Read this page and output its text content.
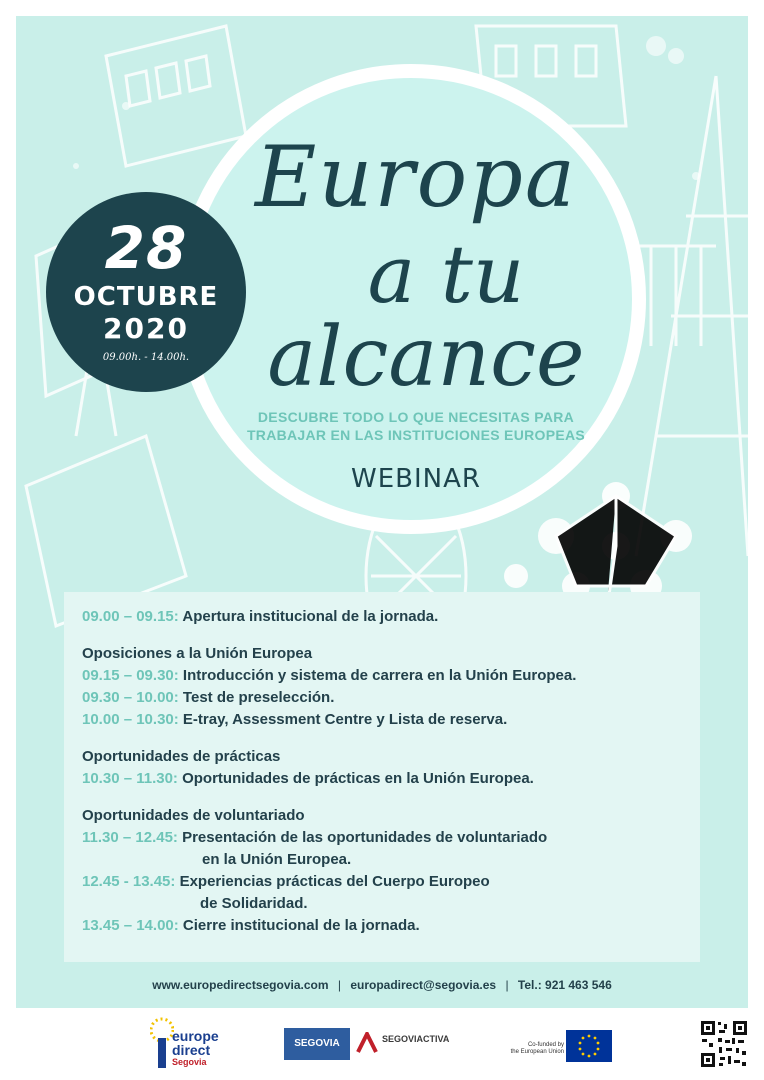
Europa
a tu
alcance
28
OCTUBRE
2020
09.00h. - 14.00h.
DESCUBRE TODO LO QUE NECESITAS PARA
TRABAJAR EN LAS INSTITUCIONES EUROPEAS
WEBINAR
09.00 – 09.15: Apertura institucional de la jornada.
Oposiciones a la Unión Europea
09.15 – 09.30: Introducción y sistema de carrera en la Unión Europea.
09.30 – 10.00: Test de preselección.
10.00 – 10.30: E-tray, Assessment Centre y Lista de reserva.
Oportunidades de prácticas
10.30 – 11.30: Oportunidades de prácticas en la Unión Europea.
Oportunidades de voluntariado
11.30 – 12.45: Presentación de las oportunidades de voluntariado
en la Unión Europea.
12.45 - 13.45: Experiencias prácticas del Cuerpo Europeo
de Solidaridad.
13.45 – 14.00: Cierre institucional de la jornada.
www.europedirectsegovia.com | europadirect@segovia.es | Tel.: 921 463 546
europe
direct
Segovia
SEGOVIA	SEGOVIACTIVA
Co-funded by
the European Union
